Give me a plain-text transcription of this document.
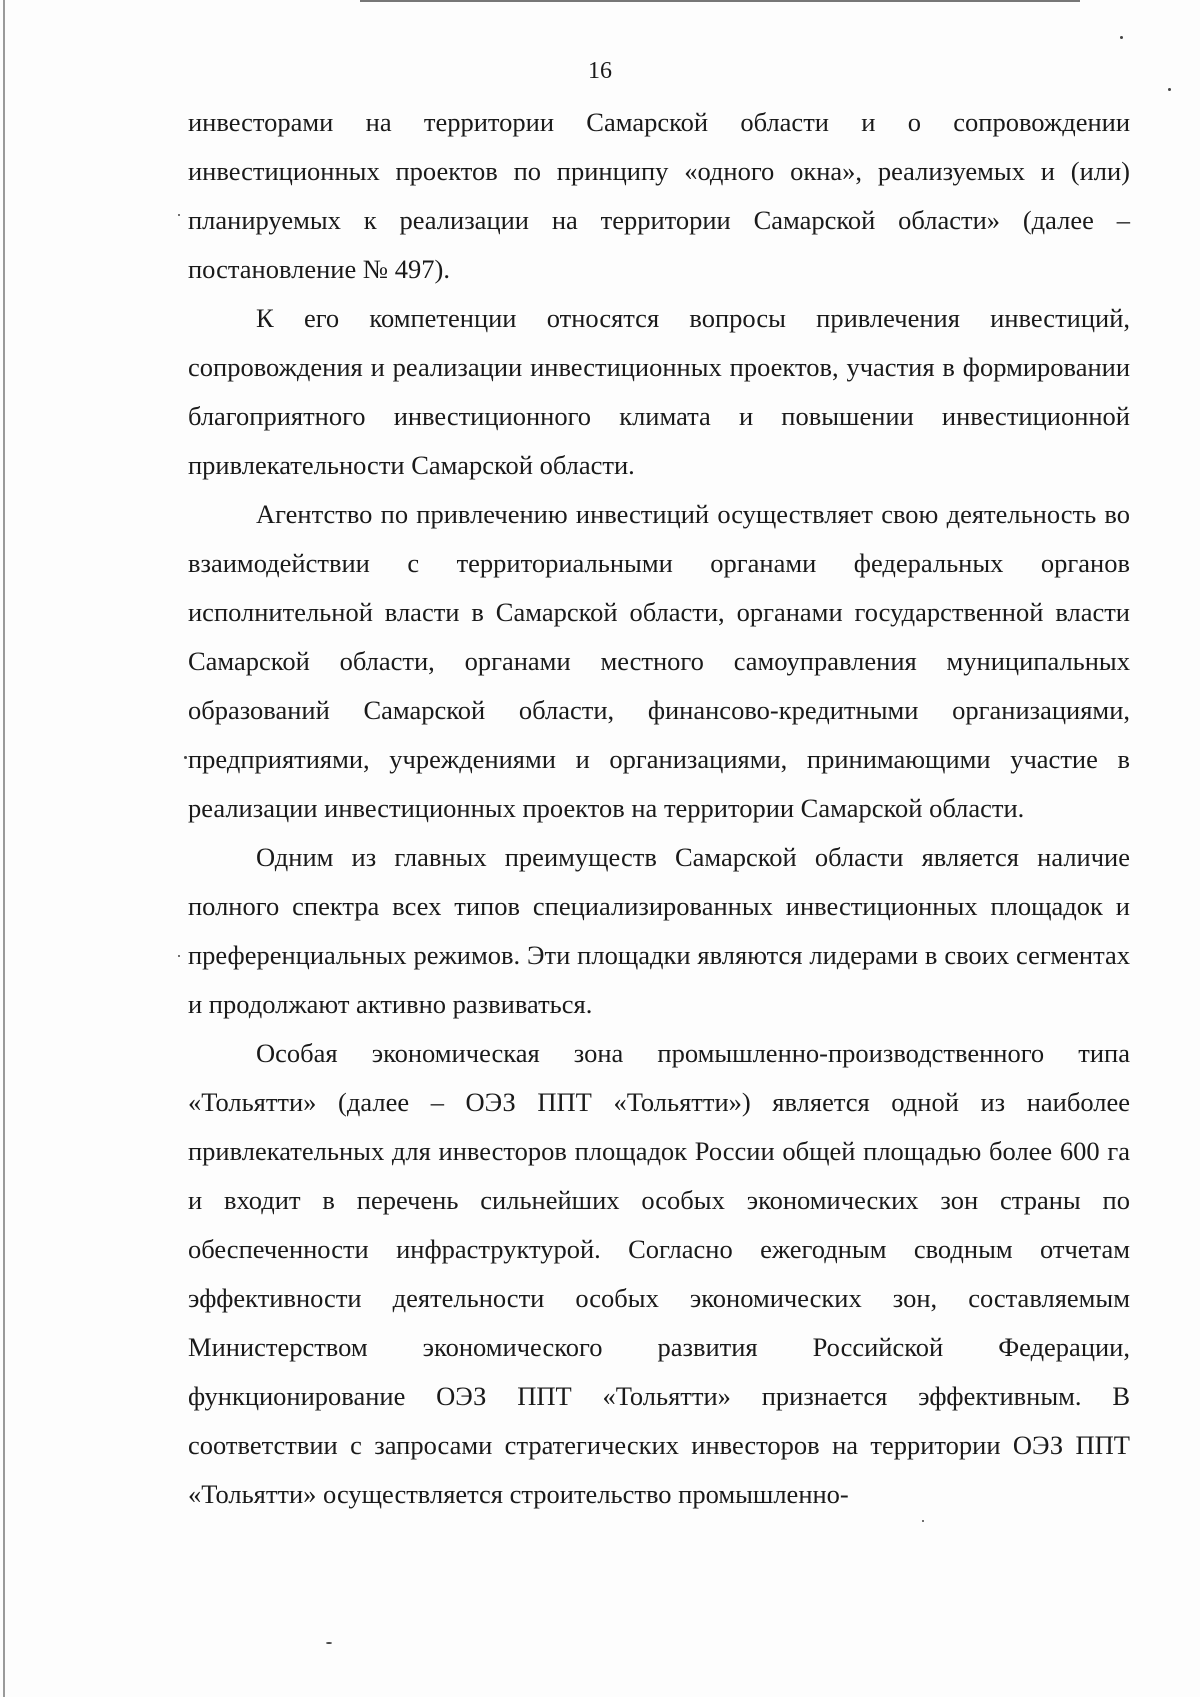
16

инвесторами на территории Самарской области и о сопровождении инвестиционных проектов по принципу «одного окна», реализуемых и (или) планируемых к реализации на территории Самарской области» (далее – постановление № 497).

К его компетенции относятся вопросы привлечения инвестиций, сопровождения и реализации инвестиционных проектов, участия в формировании благоприятного инвестиционного климата и повышении инвестиционной привлекательности Самарской области.

Агентство по привлечению инвестиций осуществляет свою деятельность во взаимодействии с территориальными органами федеральных органов исполнительной власти в Самарской области, органами государственной власти Самарской области, органами местного самоуправления муниципальных образований Самарской области, финансово-кредитными организациями, предприятиями, учреждениями и организациями, принимающими участие в реализации инвестиционных проектов на территории Самарской области.

Одним из главных преимуществ Самарской области является наличие полного спектра всех типов специализированных инвестиционных площадок и преференциальных режимов. Эти площадки являются лидерами в своих сегментах и продолжают активно развиваться.

Особая экономическая зона промышленно-производственного типа «Тольятти» (далее – ОЭЗ ППТ «Тольятти») является одной из наиболее привлекательных для инвесторов площадок России общей площадью более 600 га и входит в перечень сильнейших особых экономических зон страны по обеспеченности инфраструктурой. Согласно ежегодным сводным отчетам эффективности деятельности особых экономических зон, составляемым Министерством экономического развития Российской Федерации, функционирование ОЭЗ ППТ «Тольятти» признается эффективным. В соответствии с запросами стратегических инвесторов на территории ОЭЗ ППТ «Тольятти» осуществляется строительство промышленно-
